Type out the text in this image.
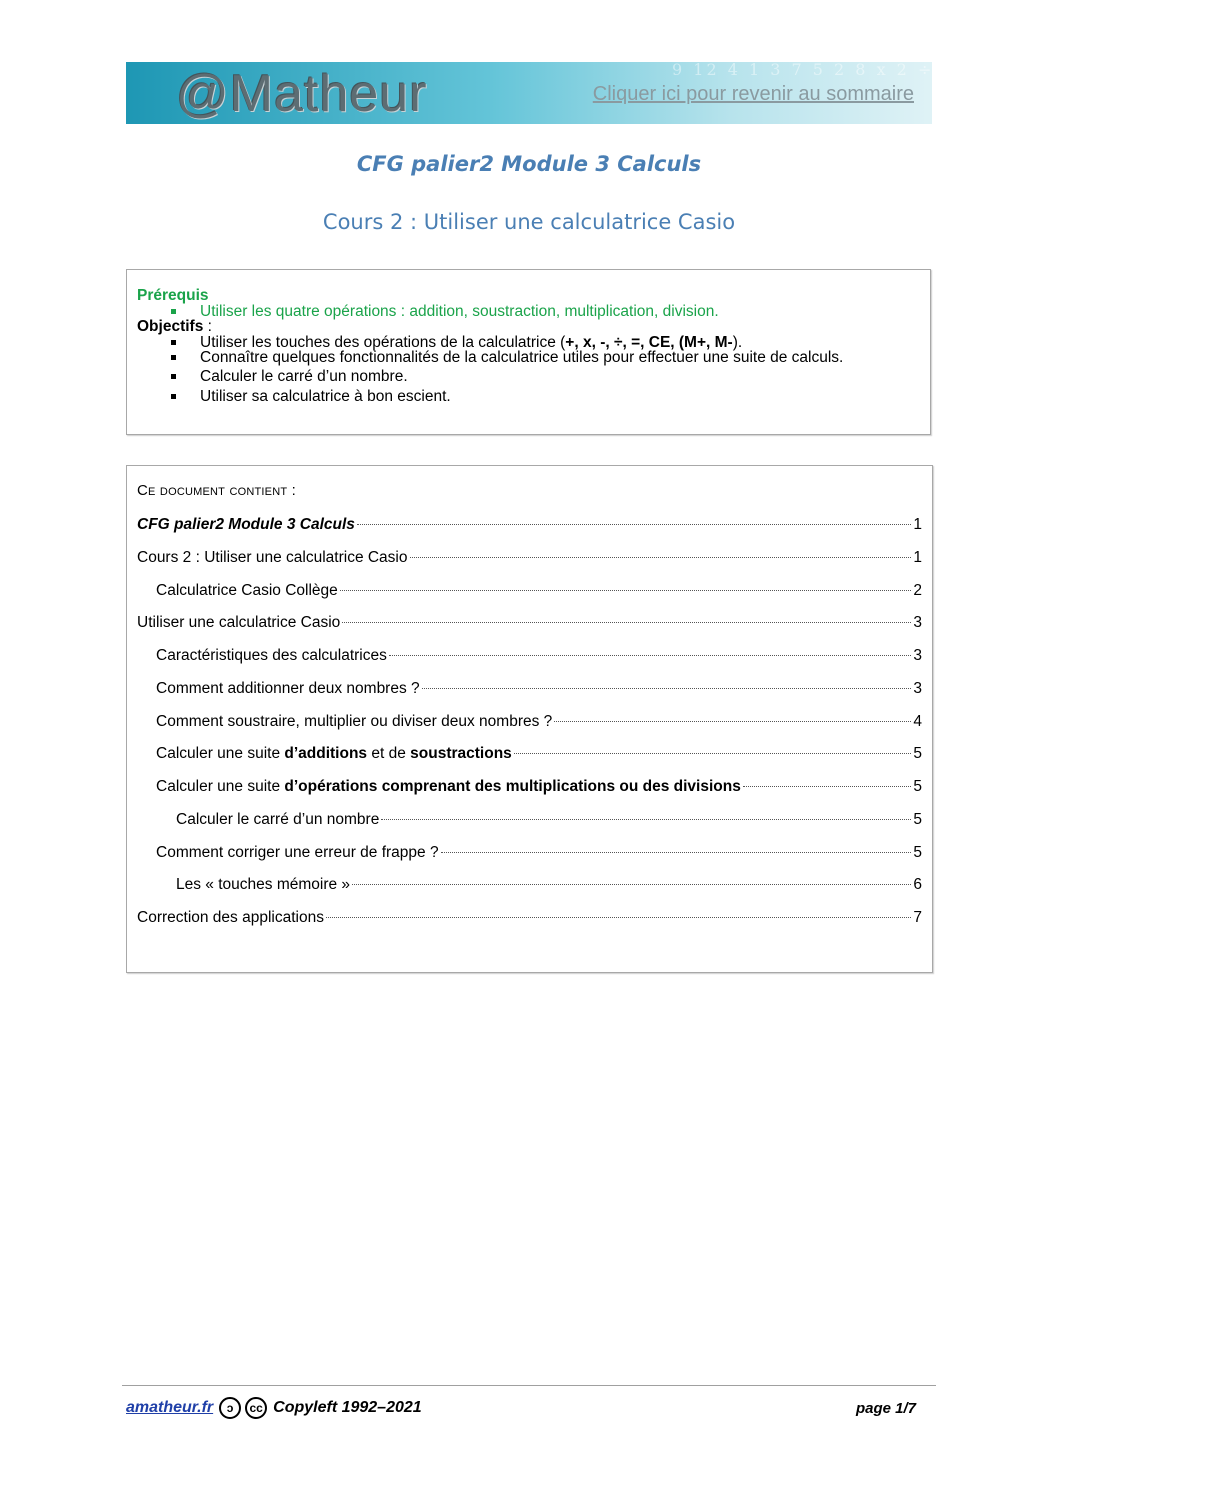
9 12 4 1 3 7 5 2 8 x 2 ÷ 9 5 4 5 7 3 1 8 6 2 x 4 1
@Matheur	Cliquer ici pour revenir au sommaire
CFG palier2 Module 3 Calculs
Cours 2 : Utiliser une calculatrice Casio
Prérequis
Utiliser les quatre opérations : addition, soustraction, multiplication, division.
Objectifs :
Utiliser les touches des opérations de la calculatrice (+, x, -, ÷, =, CE, (M+, M-).
Connaître quelques fonctionnalités de la calculatrice utiles pour effectuer une suite de calculs.
Calculer le carré d’un nombre.
Utiliser sa calculatrice à bon escient.
Ce document contient :
CFG palier2 Module 3 Calculs	1
Cours 2 : Utiliser une calculatrice Casio	1
Calculatrice Casio Collège	2
Utiliser une calculatrice Casio	3
Caractéristiques des calculatrices	3
Comment additionner deux nombres ?	3
Comment soustraire, multiplier ou diviser deux nombres ?	4
Calculer une suite d’additions et de soustractions	5
Calculer une suite d’opérations comprenant des multiplications ou des divisions	5
Calculer le carré d’un nombre	5
Comment corriger une erreur de frappe ?	5
Les « touches mémoire »	6
Correction des applications	7
amatheur.fr	ↄ	cc Copyleft 1992–2021	page 1/7
